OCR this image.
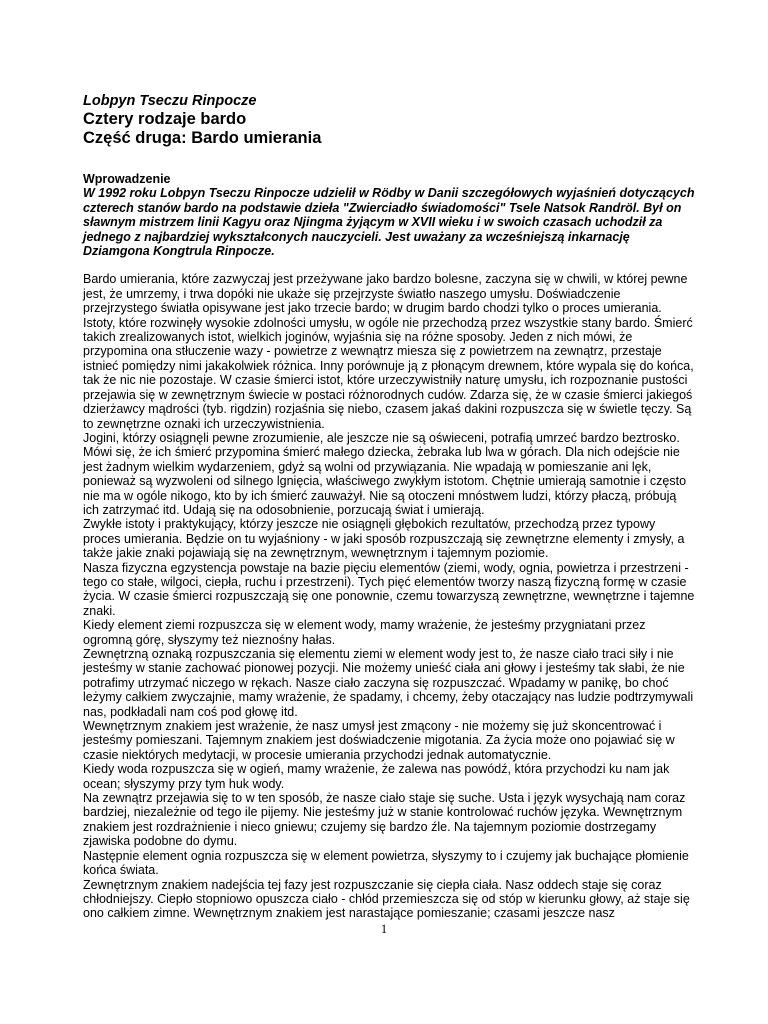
Lobpyn Tseczu Rinpocze
Cztery rodzaje bardo
Część druga: Bardo umierania
Wprowadzenie
W 1992 roku Lobpyn Tseczu Rinpocze udzielił w Rödby w Danii szczegółowych wyjaśnień dotyczących czterech stanów bardo na podstawie dzieła "Zwierciadło świadomości" Tsele Natsok Randröl. Był on sławnym mistrzem linii Kagyu oraz Njingma żyjącym w XVII wieku i w swoich czasach uchodził za jednego z najbardziej wykształconych nauczycieli. Jest uważany za wcześniejszą inkarnację Dziamgona Kongtrula Rinpocze.

Bardo umierania, które zazwyczaj jest przeżywane jako bardzo bolesne, zaczyna się w chwili, w której pewne jest, że umrzemy, i trwa dopóki nie ukaże się przejrzyste światło naszego umysłu. Doświadczenie przejrzystego światła opisywane jest jako trzecie bardo; w drugim bardo chodzi tylko o proces umierania. Istoty, które rozwinęły wysokie zdolności umysłu, w ogóle nie przechodzą przez wszystkie stany bardo. Śmierć takich zrealizowanych istot, wielkich joginów, wyjaśnia się na różne sposoby. Jeden z nich mówi, że przypomina ona stłuczenie wazy - powietrze z wewnątrz miesza się z powietrzem na zewnątrz, przestaje istnieć pomiędzy nimi jakakolwiek różnica. Inny porównuje ją z płonącym drewnem, które wypala się do końca, tak że nic nie pozostaje. W czasie śmierci istot, które urzeczywistniły naturę umysłu, ich rozpoznanie pustości przejawia się w zewnętrznym świecie w postaci różnorodnych cudów. Zdarza się, że w czasie śmierci jakiegoś dzierżawcy mądrości (tyb. rigdzin) rozjaśnia się niebo, czasem jakaś dakini rozpuszcza się w świetle tęczy. Są to zewnętrzne oznaki ich urzeczywistnienia.

Jogini, którzy osiągnęli pewne zrozumienie, ale jeszcze nie są oświeceni, potrafią umrzeć bardzo beztrosko. Mówi się, że ich śmierć przypomina śmierć małego dziecka, żebraka lub lwa w górach. Dla nich odejście nie jest żadnym wielkim wydarzeniem, gdyż są wolni od przywiązania. Nie wpadają w pomieszanie ani lęk, ponieważ są wyzwoleni od silnego lgnięcia, właściwego zwykłym istotom. Chętnie umierają samotnie i często nie ma w ogóle nikogo, kto by ich śmierć zauważył. Nie są otoczeni mnóstwem ludzi, którzy płaczą, próbują ich zatrzymać itd. Udają się na odosobnienie, porzucają świat i umierają.

Zwykłe istoty i praktykujący, którzy jeszcze nie osiągnęli głębokich rezultatów, przechodzą przez typowy proces umierania. Będzie on tu wyjaśniony - w jaki sposób rozpuszczają się zewnętrzne elementy i zmysły, a także jakie znaki pojawiają się na zewnętrznym, wewnętrznym i tajemnym poziomie.

Nasza fizyczna egzystencja powstaje na bazie pięciu elementów (ziemi, wody, ognia, powietrza i przestrzeni - tego co stałe, wilgoci, ciepła, ruchu i przestrzeni). Tych pięć elementów tworzy naszą fizyczną formę w czasie życia. W czasie śmierci rozpuszczają się one ponownie, czemu towarzyszą zewnętrzne, wewnętrzne i tajemne znaki.

Kiedy element ziemi rozpuszcza się w element wody, mamy wrażenie, że jesteśmy przygniatani przez ogromną górę, słyszymy też nieznośny hałas.

Zewnętrzną oznaką rozpuszczania się elementu ziemi w element wody jest to, że nasze ciało traci siły i nie jesteśmy w stanie zachować pionowej pozycji. Nie możemy unieść ciała ani głowy i jesteśmy tak słabi, że nie potrafimy utrzymać niczego w rękach. Nasze ciało zaczyna się rozpuszczać. Wpadamy w panikę, bo choć leżymy całkiem zwyczajnie, mamy wrażenie, że spadamy, i chcemy, żeby otaczający nas ludzie podtrzymywali nas, podkładali nam coś pod głowę itd.

Wewnętrznym znakiem jest wrażenie, że nasz umysł jest zmącony - nie możemy się już skoncentrować i jesteśmy pomieszani. Tajemnym znakiem jest doświadczenie migotania. Za życia może ono pojawiać się w czasie niektórych medytacji, w procesie umierania przychodzi jednak automatycznie.

Kiedy woda rozpuszcza się w ogień, mamy wrażenie, że zalewa nas powódź, która przychodzi ku nam jak ocean; słyszymy przy tym huk wody.

Na zewnątrz przejawia się to w ten sposób, że nasze ciało staje się suche. Usta i język wysychają nam coraz bardziej, niezależnie od tego ile pijemy. Nie jesteśmy już w stanie kontrolować ruchów języka. Wewnętrznym znakiem jest rozdrażnienie i nieco gniewu; czujemy się bardzo źle. Na tajemnym poziomie dostrzegamy zjawiska podobne do dymu.

Następnie element ognia rozpuszcza się w element powietrza, słyszymy to i czujemy jak buchające płomienie końca świata.

Zewnętrznym znakiem nadejścia tej fazy jest rozpuszczanie się ciepła ciała. Nasz oddech staje się coraz chłodniejszy. Ciepło stopniowo opuszcza ciało - chłód przemieszcza się od stóp w kierunku głowy, aż staje się ono całkiem zimne. Wewnętrznym znakiem jest narastające pomieszanie; czasami jeszcze nasz

1
